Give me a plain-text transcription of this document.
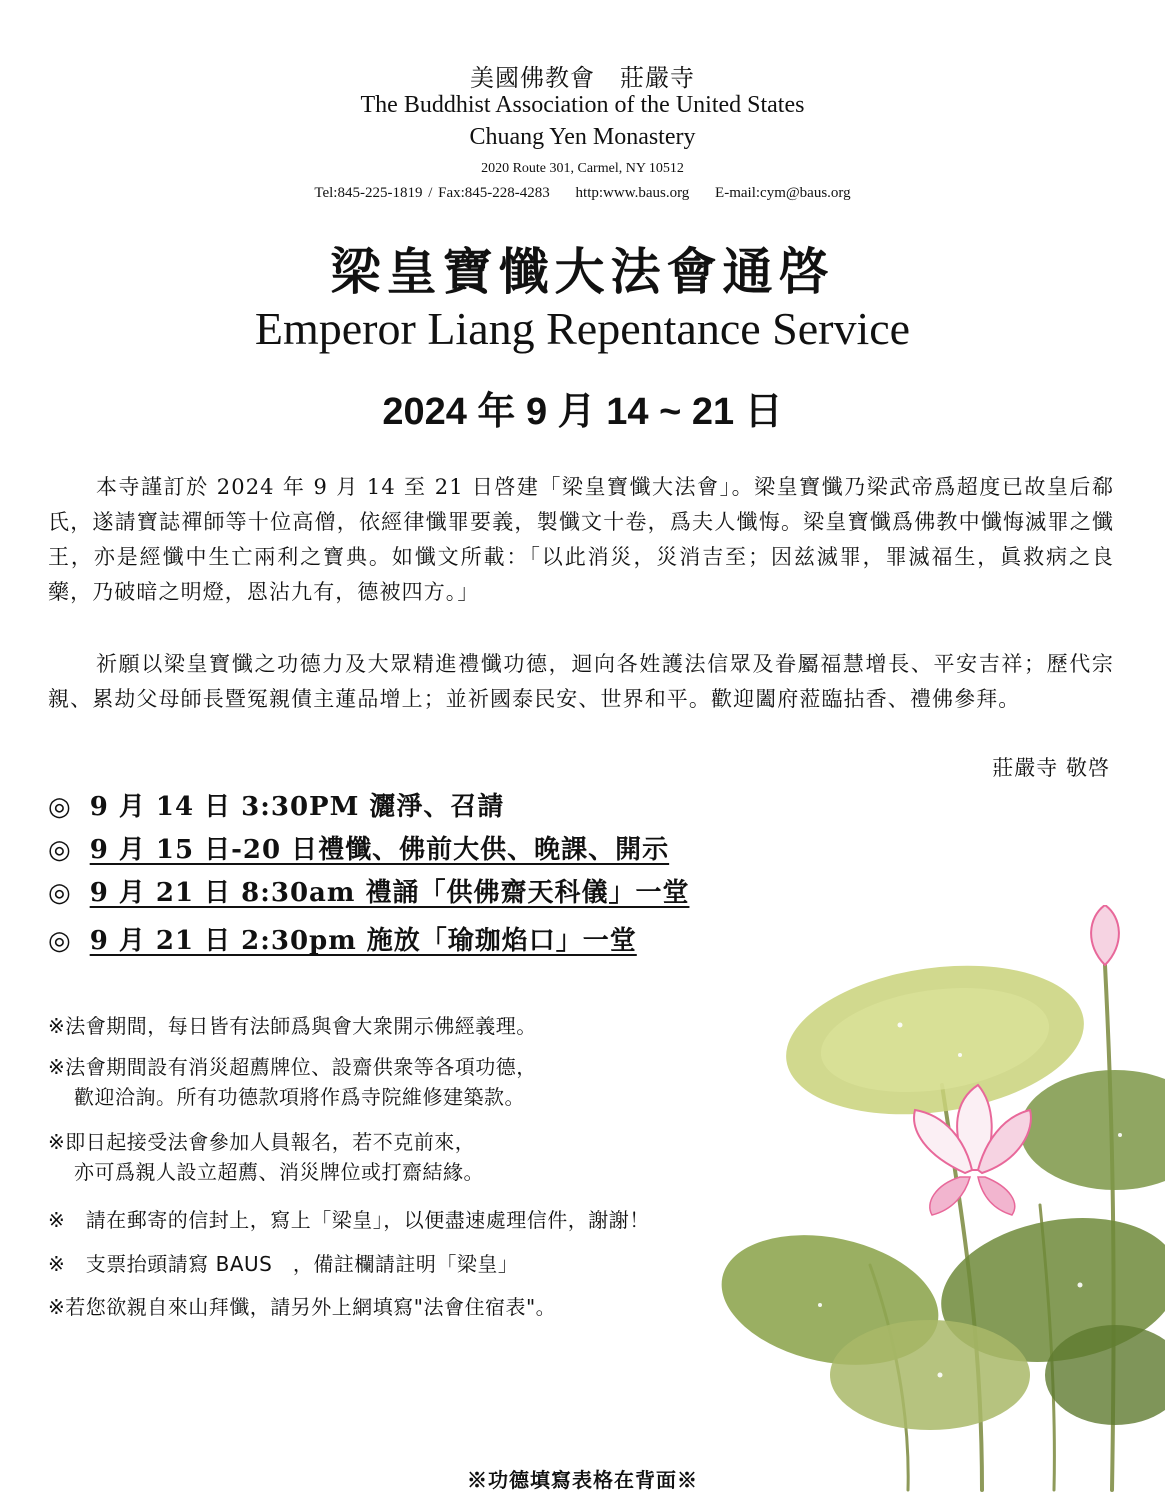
美國佛教會　莊嚴寺
The Buddhist Association of the United States
Chuang Yen Monastery
2020 Route 301, Carmel, NY 10512
Tel:845-225-1819 / Fax:845-228-4283 http:www.baus.org E-mail:cym@baus.org
梁皇寶懺大法會通啓
Emperor Liang Repentance Service
2024 年 9 月 14 ~ 21 日
本寺謹訂於 2024 年 9 月 14 至 21 日啓建「梁皇寶懺大法會」。梁皇寶懺乃梁武帝爲超度已故皇后郗氏，遂請寶誌禪師等十位高僧，依經律懺罪要義，製懺文十卷，爲夫人懺悔。梁皇寶懺爲佛教中懺悔滅罪之懺王，亦是經懺中生亡兩利之寶典。如懺文所載：「以此消災，災消吉至；因兹滅罪，罪滅福生，眞救病之良藥，乃破暗之明燈，恩沾九有，德被四方。」
祈願以梁皇寶懺之功德力及大眾精進禮懺功德，迴向各姓護法信眾及眷屬福慧增長、平安吉祥；歷代宗親、累劫父母師長暨冤親債主蓮品增上；並祈國泰民安、世界和平。歡迎闔府蒞臨拈香、禮佛參拜。
莊嚴寺 敬啓
◎ 9 月 14 日 3:30PM 灑淨、召請
◎ 9 月 15 日-20 日禮懺、佛前大供、晚課、開示
◎ 9 月 21 日 8:30am 禮誦「供佛齋天科儀」一堂
◎ 9 月 21 日 2:30pm 施放「瑜珈焰口」一堂
※法會期間，每日皆有法師爲與會大衆開示佛經義理。
※法會期間設有消災超薦牌位、設齋供衆等各項功德，
歡迎洽詢。所有功德款項將作爲寺院維修建築款。
※即日起接受法會參加人員報名，若不克前來，
亦可爲親人設立超薦、消災牌位或打齋結緣。
※　請在郵寄的信封上，寫上「梁皇」，以便盡速處理信件，謝謝！
※　支票抬頭請寫 BAUS　，備註欄請註明「梁皇」
※若您欲親自來山拜懺，請另外上網填寫"法會住宿表"。
※功德填寫表格在背面※
